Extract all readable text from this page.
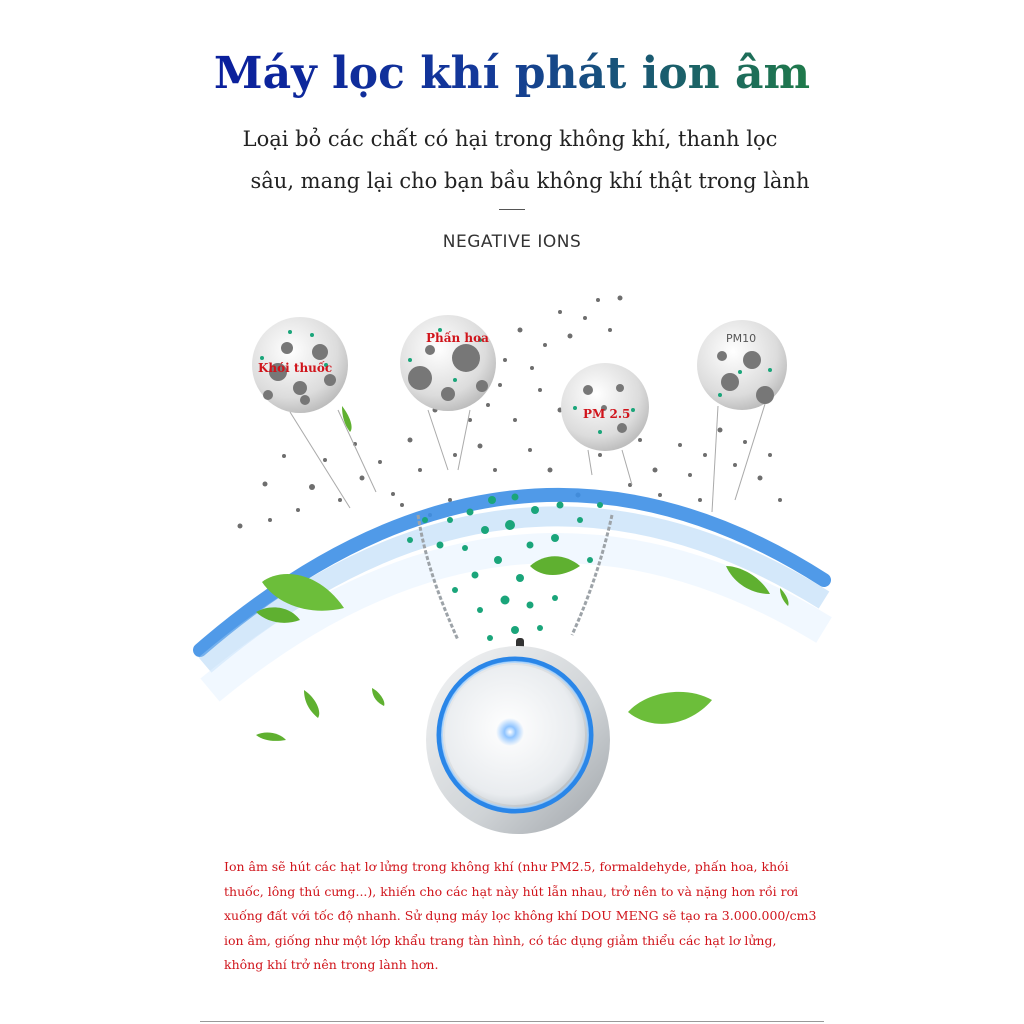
Máy lọc khí phát ion âm
Loại bỏ các chất có hại trong không khí, thanh lọc
sâu, mang lại cho bạn bầu không khí thật trong lành
NEGATIVE IONS
Khói thuốc
Phấn hoa
PM 2.5
PM10

Ion âm sẽ hút các hạt lơ lửng trong không khí (như PM2.5, formaldehyde, phấn hoa, khói

thuốc, lông thú cưng...), khiến cho các hạt này hút lẫn nhau, trở nên to và nặng hơn rồi rơi

xuống đất với tốc độ nhanh. Sử dụng máy lọc không khí DOU MENG sẽ tạo ra 3.000.000/cm3

ion âm, giống như một lớp khẩu trang tàn hình, có tác dụng giảm thiểu các hạt lơ lửng,

không khí trở nên trong lành hơn.
